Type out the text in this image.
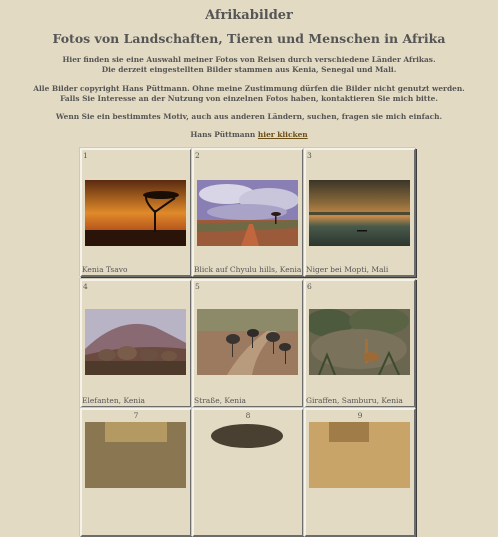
Afrikabilder
Fotos von Landschaften, Tieren und Menschen in Afrika
Hier finden sie eine Auswahl meiner Fotos von Reisen durch verschiedene Länder Afrikas.
Die derzeit eingestellten Bilder stammen aus Kenia, Senegal und Mali.
Alle Bilder copyright Hans Püttmann. Ohne meine Zustimmung dürfen die Bilder nicht genutzt werden.
Falls Sie Interesse an der Nutzung von einzelnen Fotos haben, kontaktieren Sie mich bitte.
Wenn Sie ein bestimmtes Motiv, auch aus anderen Ländern, suchen, fragen sie mich einfach.
Hans Püttmann hier klicken
1
Kenia Tsavo
2
Blick auf Chyulu hills, Kenia
3
Niger bei Mopti, Mali
4
Elefanten, Kenia
5
Straße, Kenia
6
Giraffen, Samburu, Kenia
7	8	9
